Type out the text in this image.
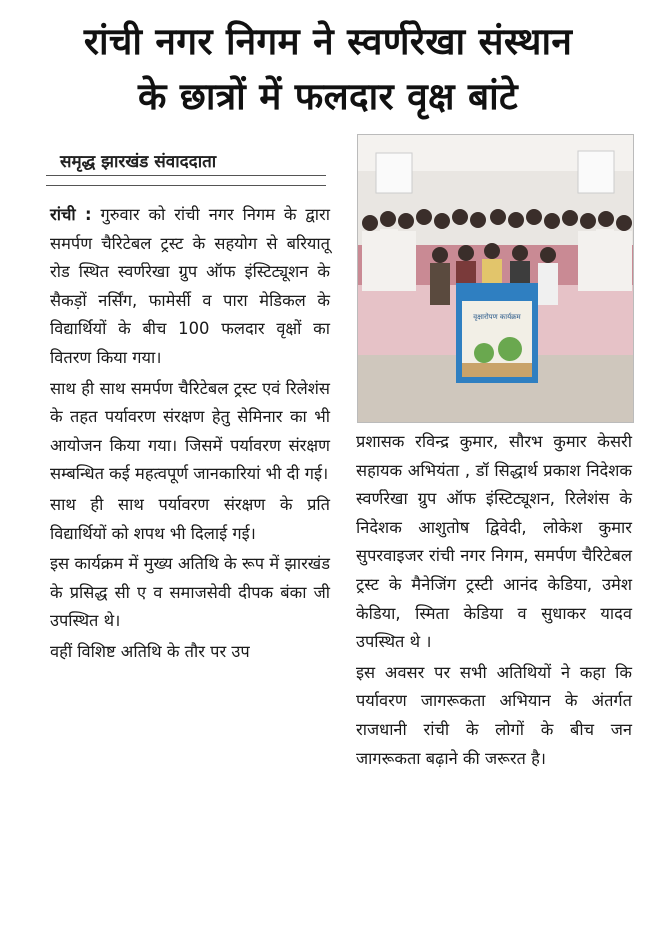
रांची नगर निगम ने स्वर्णरेखा संस्थान
के छात्रों में फलदार वृक्ष बांटे
समृद्ध झारखंड संवाददाता

रांची : गुरुवार को रांची नगर निगम के द्वारा समर्पण चैरिटेबल ट्रस्ट के सहयोग से बरियातू रोड स्थित स्वर्णरेखा ग्रुप ऑफ इंस्टिट्यूशन के सैकड़ों नर्सिंग, फामेर्सी व पारा मेडिकल के विद्यार्थियों के बीच 100 फलदार वृक्षों का वितरण किया गया।

साथ ही साथ समर्पण चैरिटेबल ट्रस्ट एवं रिलेशंस के तहत पर्यावरण संरक्षण हेतु सेमिनार का भी आयोजन किया गया। जिसमें पर्यावरण संरक्षण सम्बन्धित कई महत्वपूर्ण जानकारियां भी दी गई।

साथ ही साथ पर्यावरण संरक्षण के प्रति विद्यार्थियों को शपथ भी दिलाई गई।

इस कार्यक्रम में मुख्य अतिथि के रूप में झारखंड के प्रसिद्ध सी ए व समाजसेवी दीपक बंका जी उपस्थित थे।

वहीं विशिष्ट अतिथि के तौर पर उप

वृक्षारोपण कार्यक्रम

प्रशासक रविन्द्र कुमार, सौरभ कुमार केसरी सहायक अभियंता , डॉ सिद्धार्थ प्रकाश निदेशक स्वर्णरेखा ग्रुप ऑफ इंस्टिट्यूशन, रिलेशंस के निदेशक आशुतोष द्विवेदी, लोकेश कुमार सुपरवाइजर रांची नगर निगम, समर्पण चैरिटेबल ट्रस्ट के मैनेजिंग ट्रस्टी आनंद केडिया, उमेश केडिया, स्मिता केडिया व सुधाकर यादव उपस्थित थे ।

इस अवसर पर सभी अतिथियों ने कहा कि पर्यावरण जागरूकता अभियान के अंतर्गत राजधानी रांची के लोगों के बीच जन जागरूकता बढ़ाने की जरूरत है।
